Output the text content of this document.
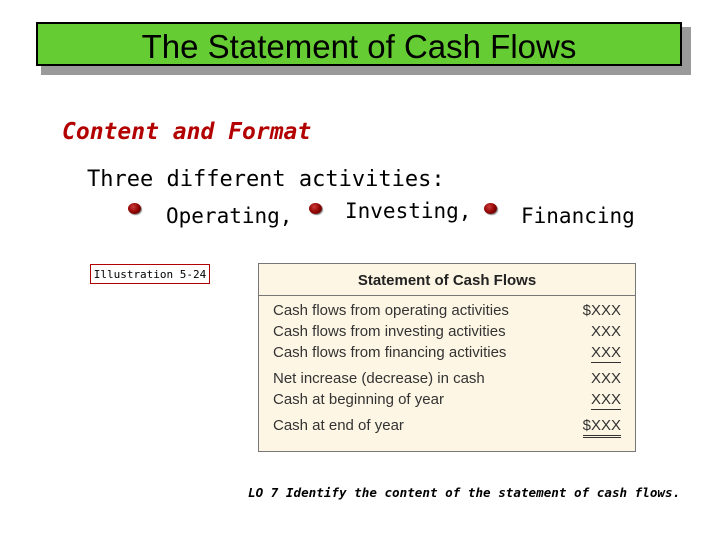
The Statement of Cash Flows
Content and Format
Three different activities:
Operating,	Investing, Financing
Illustration 5-24	Statement of Cash Flows
Cash flows from operating activities	$XXX
Cash flows from investing activities	XXX
Cash flows from financing activities	XXX
Net increase (decrease) in cash	XXX
Cash at beginning of year	XXX
Cash at end of year	$XXX
LO 7 Identify the content of the statement of cash flows.
